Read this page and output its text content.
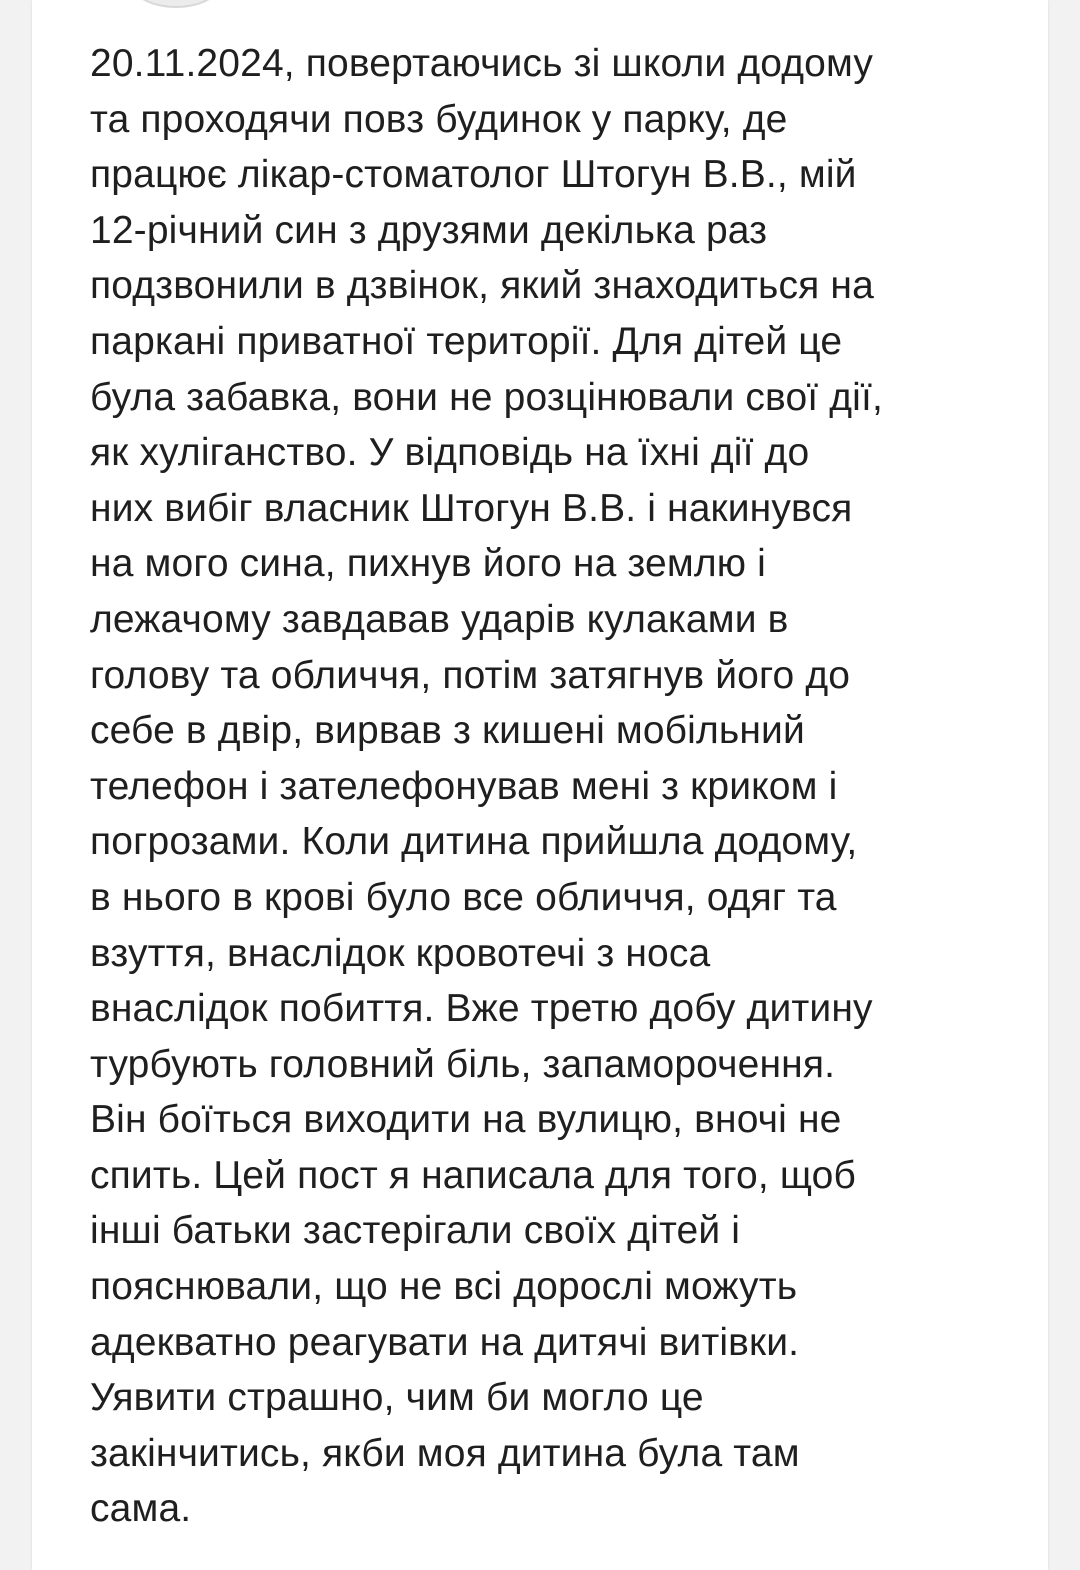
20.11.2024, повертаючись зі школи додому
та проходячи повз будинок у парку, де
працює лікар-стоматолог Штогун В.В., мій
12-річний син з друзями декілька раз
подзвонили в дзвінок, який знаходиться на
паркані приватної території. Для дітей це
була забавка, вони не розцінювали свої дії,
як хуліганство. У відповідь на їхні дії до
них вибіг власник Штогун В.В. і накинувся
на мого сина, пихнув його на землю і
лежачому завдавав ударів кулаками в
голову та обличчя, потім затягнув його до
себе в двір, вирвав з кишені мобільний
телефон і зателефонував мені з криком і
погрозами. Коли дитина прийшла додому,
в нього в крові було все обличчя, одяг та
взуття, внаслідок кровотечі з носа
внаслідок побиття. Вже третю добу дитину
турбують головний біль, запаморочення.
Він боїться виходити на вулицю, вночі не
спить. Цей пост я написала для того, щоб
інші батьки застерігали своїх дітей і
пояснювали, що не всі дорослі можуть
адекватно реагувати на дитячі витівки.
Уявити страшно, чим би могло це
закінчитись, якби моя дитина була там
сама.
